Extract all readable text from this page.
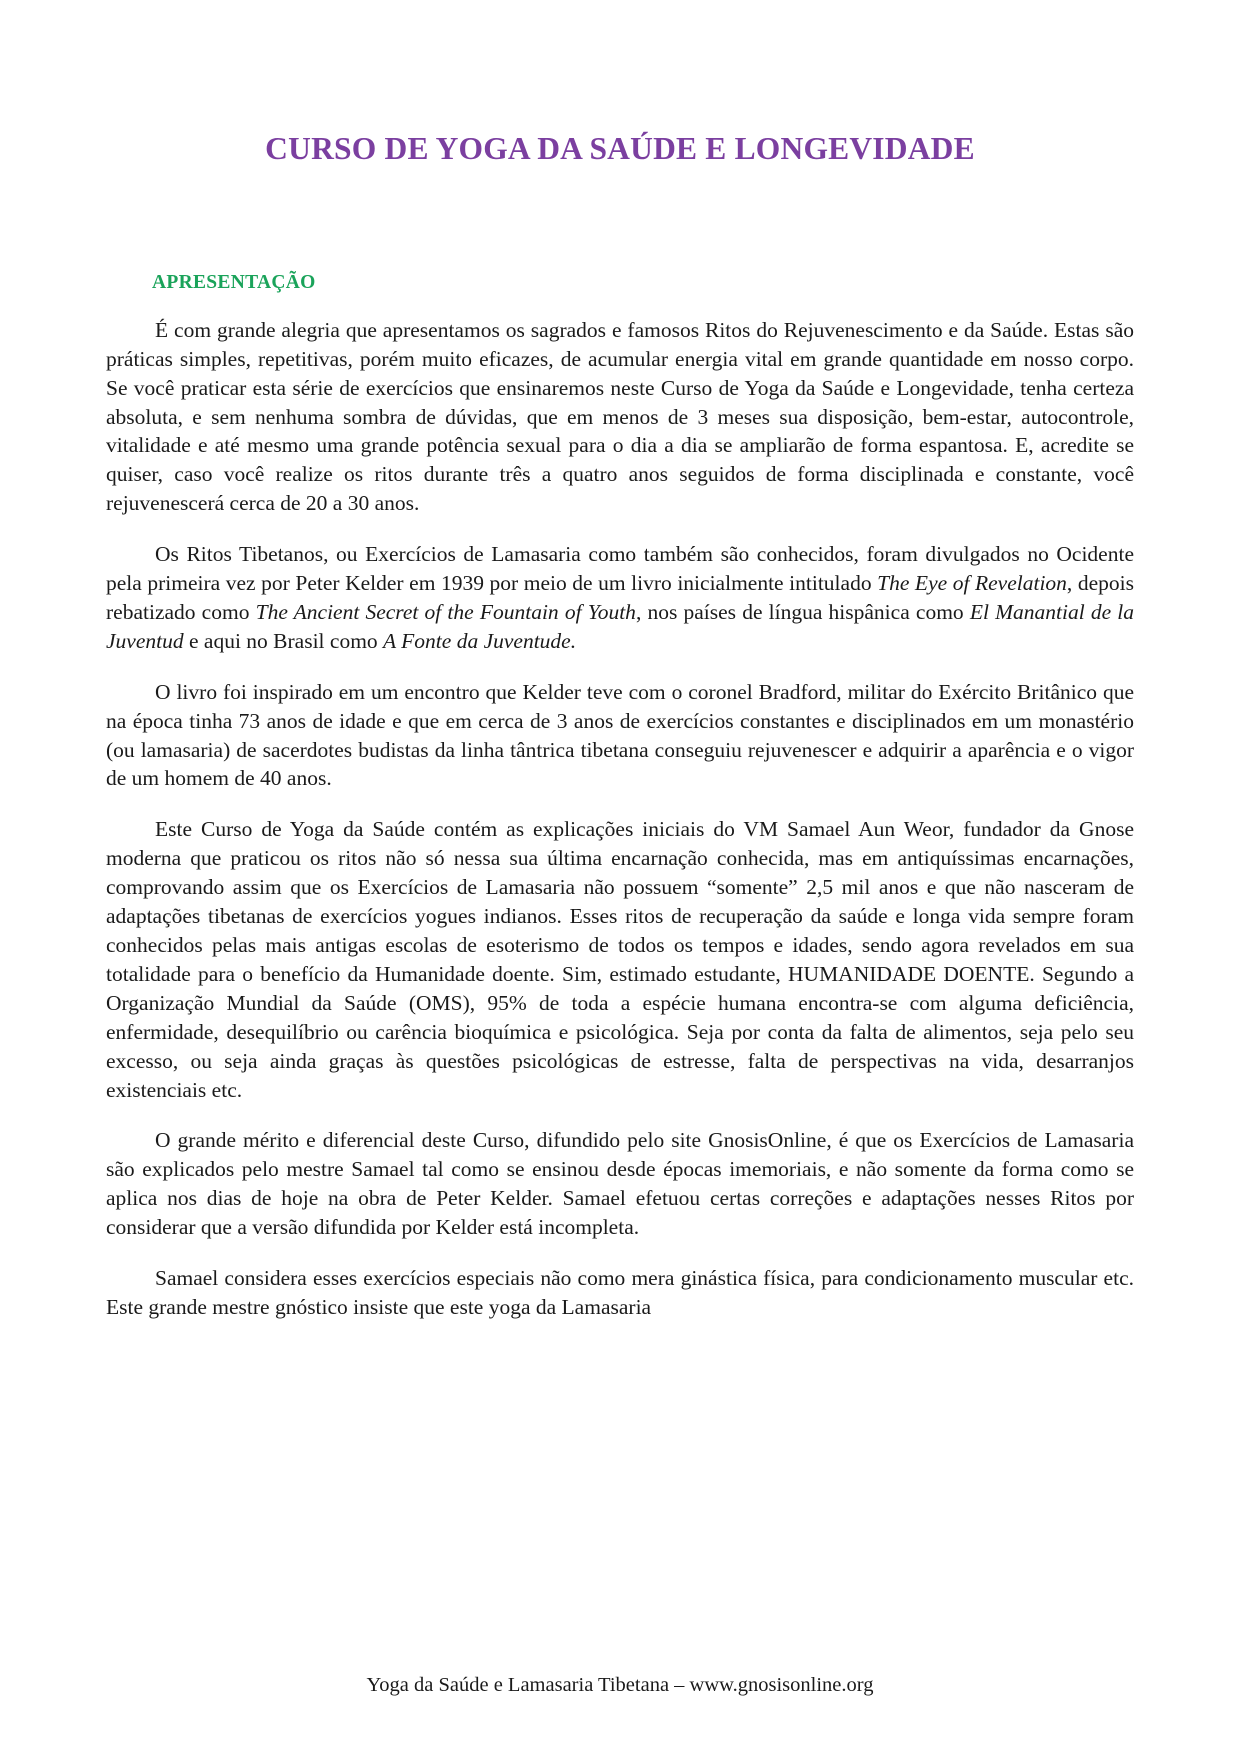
CURSO DE YOGA DA SAÚDE E LONGEVIDADE
APRESENTAÇÃO

É com grande alegria que apresentamos os sagrados e famosos Ritos do Rejuvenescimento e da Saúde. Estas são práticas simples, repetitivas, porém muito eficazes, de acumular energia vital em grande quantidade em nosso corpo. Se você praticar esta série de exercícios que ensinaremos neste Curso de Yoga da Saúde e Longevidade, tenha certeza absoluta, e sem nenhuma sombra de dúvidas, que em menos de 3 meses sua disposição, bem-estar, autocontrole, vitalidade e até mesmo uma grande potência sexual para o dia a dia se ampliarão de forma espantosa. E, acredite se quiser, caso você realize os ritos durante três a quatro anos seguidos de forma disciplinada e constante, você rejuvenescerá cerca de 20 a 30 anos.

Os Ritos Tibetanos, ou Exercícios de Lamasaria como também são conhecidos, foram divulgados no Ocidente pela primeira vez por Peter Kelder em 1939 por meio de um livro inicialmente intitulado The Eye of Revelation, depois rebatizado como The Ancient Secret of the Fountain of Youth, nos países de língua hispânica como El Manantial de la Juventud e aqui no Brasil como A Fonte da Juventude.

O livro foi inspirado em um encontro que Kelder teve com o coronel Bradford, militar do Exército Britânico que na época tinha 73 anos de idade e que em cerca de 3 anos de exercícios constantes e disciplinados em um monastério (ou lamasaria) de sacerdotes budistas da linha tântrica tibetana conseguiu rejuvenescer e adquirir a aparência e o vigor de um homem de 40 anos.

Este Curso de Yoga da Saúde contém as explicações iniciais do VM Samael Aun Weor, fundador da Gnose moderna que praticou os ritos não só nessa sua última encarnação conhecida, mas em antiquíssimas encarnações, comprovando assim que os Exercícios de Lamasaria não possuem “somente” 2,5 mil anos e que não nasceram de adaptações tibetanas de exercícios yogues indianos. Esses ritos de recuperação da saúde e longa vida sempre foram conhecidos pelas mais antigas escolas de esoterismo de todos os tempos e idades, sendo agora revelados em sua totalidade para o benefício da Humanidade doente. Sim, estimado estudante, HUMANIDADE DOENTE. Segundo a Organização Mundial da Saúde (OMS), 95% de toda a espécie humana encontra-se com alguma deficiência, enfermidade, desequilíbrio ou carência bioquímica e psicológica. Seja por conta da falta de alimentos, seja pelo seu excesso, ou seja ainda graças às questões psicológicas de estresse, falta de perspectivas na vida, desarranjos existenciais etc.

O grande mérito e diferencial deste Curso, difundido pelo site GnosisOnline, é que os Exercícios de Lamasaria são explicados pelo mestre Samael tal como se ensinou desde épocas imemoriais, e não somente da forma como se aplica nos dias de hoje na obra de Peter Kelder. Samael efetuou certas correções e adaptações nesses Ritos por considerar que a versão difundida por Kelder está incompleta.

Samael considera esses exercícios especiais não como mera ginástica física, para condicionamento muscular etc. Este grande mestre gnóstico insiste que este yoga da Lamasaria

Yoga da Saúde e Lamasaria Tibetana – www.gnosisonline.org
